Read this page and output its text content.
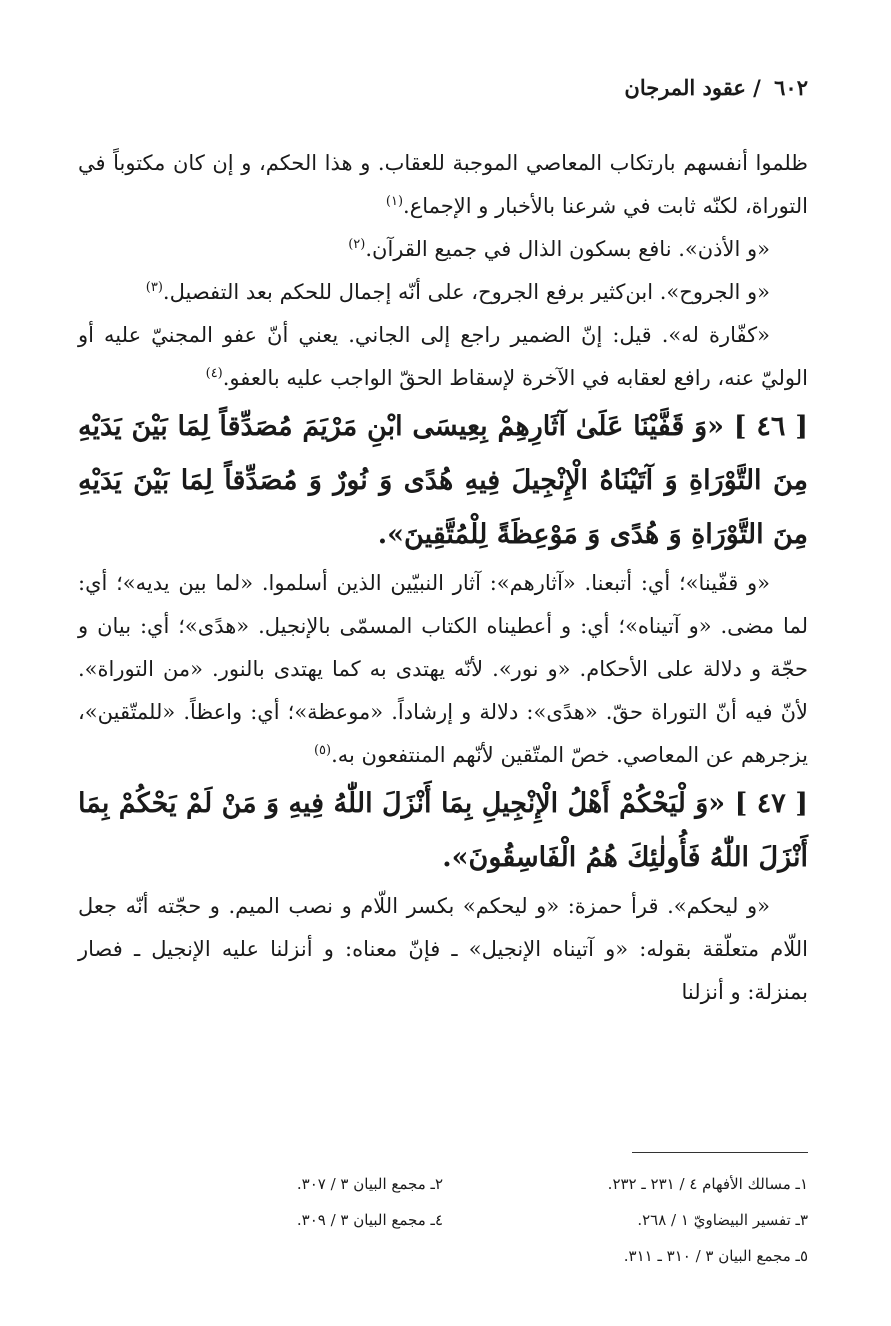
٦٠٢ / عقود المرجان

ظلموا أنفسهم بارتكاب المعاصي الموجبة للعقاب. و هذا الحكم، و إن كان مكتوباً في التوراة، لكنّه ثابت في شرعنا بالأخبار و الإجماع.$^{(١)}$

«و الأذن». نافع بسكون الذال في جميع القرآن.$^{(٢)}$

«و الجروح». ابن‌كثير برفع الجروح، على أنّه إجمال للحكم بعد التفصيل.$^{(٣)}$

«كفّارة له». قيل: إنّ الضمير راجع إلى الجاني. يعني أنّ عفو المجنيّ عليه أو الوليّ عنه، رافع لعقابه في الآخرة لإسقاط الحقّ الواجب عليه بالعفو.$^{(٤)}$

[ ٤٦ ] «وَ قَفَّيْنَا عَلَىٰ آثَارِهِمْ بِعِيسَى ابْنِ مَرْيَمَ مُصَدِّقاً لِمَا بَيْنَ يَدَيْهِ مِنَ التَّوْرَاةِ وَ آتَيْنَاهُ الْإِنْجِيلَ فِيهِ هُدًى وَ نُورٌ وَ مُصَدِّقاً لِمَا بَيْنَ يَدَيْهِ مِنَ التَّوْرَاةِ وَ هُدًى وَ مَوْعِظَةً لِلْمُتَّقِينَ».

«و قفّينا»؛ أي: أتبعنا. «آثارهم»: آثار النبيّين الذين أسلموا. «لما بين يديه»؛ أي: لما مضى. «و آتيناه»؛ أي: و أعطيناه الكتاب المسمّى بالإنجيل. «هدًى»؛ أي: بيان و حجّة و دلالة على الأحكام. «و نور». لأنّه يهتدى به كما يهتدى بالنور. «من التوراة». لأنّ فيه أنّ التوراة حقّ. «هدًى»: دلالة و إرشاداً. «موعظة»؛ أي: واعظاً. «للمتّقين»، يزجرهم عن المعاصي. خصّ المتّقين لأنّهم المنتفعون به.$^{(٥)}$

[ ٤٧ ] «وَ لْيَحْكُمْ أَهْلُ الْإِنْجِيلِ بِمَا أَنْزَلَ اللّٰهُ فِيهِ وَ مَنْ لَمْ يَحْكُمْ بِمَا أَنْزَلَ اللّٰهُ فَأُولٰئِكَ هُمُ الْفَاسِقُونَ».

«و ليحكم». قرأ حمزة: «و ليحكم» بكسر اللّام و نصب الميم. و حجّته أنّه جعل اللّام متعلّقة بقوله: «و آتيناه الإنجيل» ـ فإنّ معناه: و أنزلنا عليه الإنجيل ـ فصار بمنزلة: و أنزلنا

١ـ مسالك الأفهام ٤ / ٢٣١ ـ ٢٣٢.
٢ـ مجمع البيان ٣ / ٣٠٧.
٣ـ تفسير البيضاويّ ١ / ٢٦٨.
٤ـ مجمع البيان ٣ / ٣٠٩.
٥ـ مجمع البيان ٣ / ٣١٠ ـ ٣١١.
